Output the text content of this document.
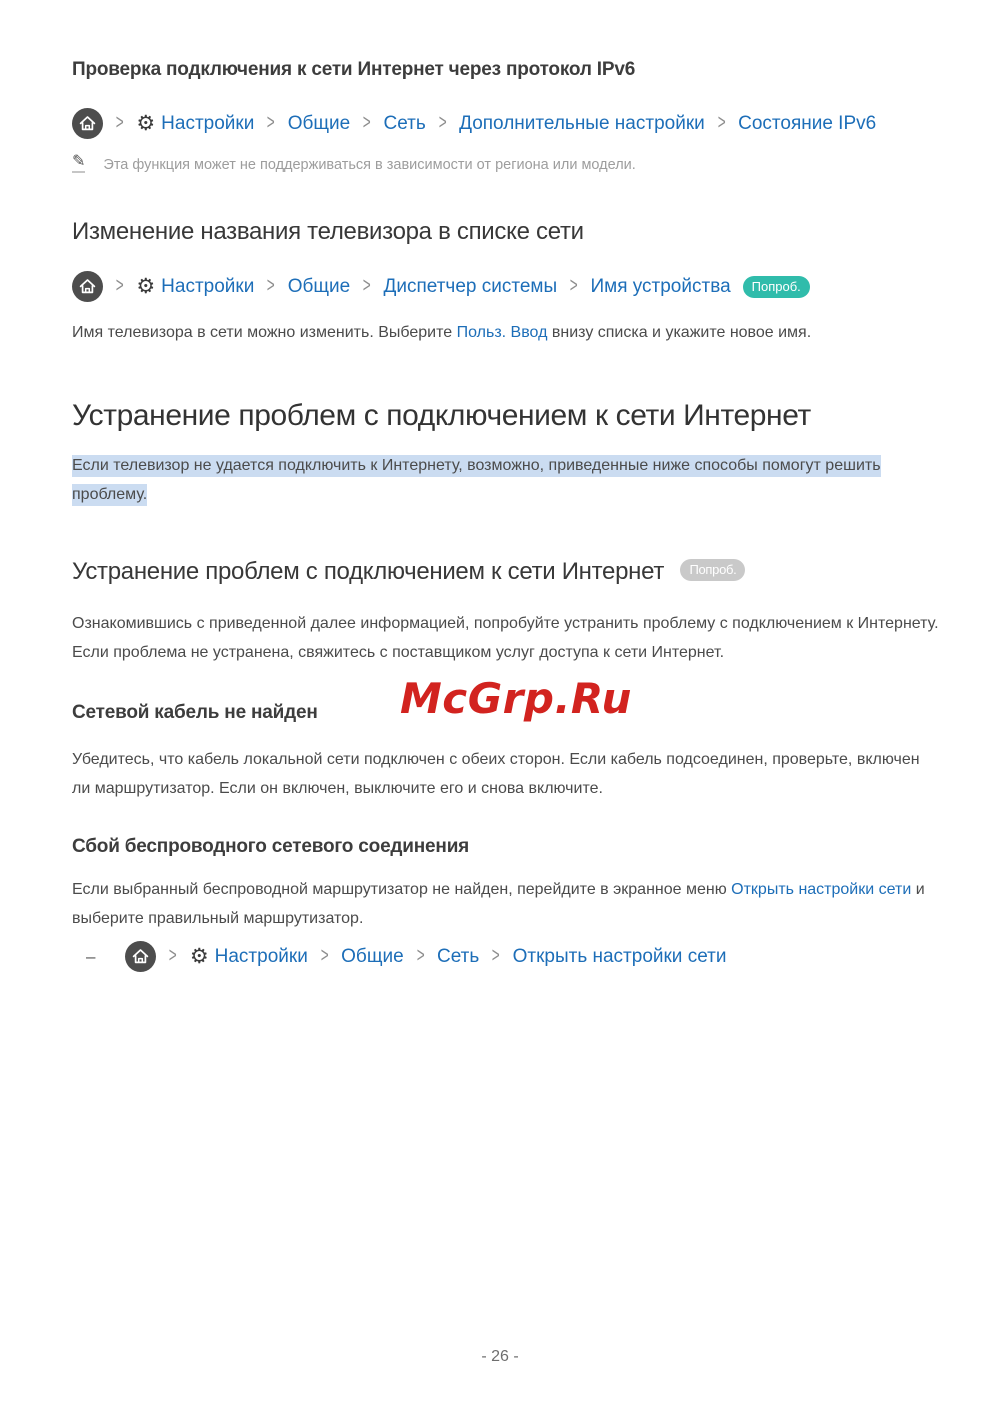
Проверка подключения к сети Интернет через протокол IPv6
> ⚙ Настройки > Общие > Сеть > Дополнительные настройки > Состояние IPv6
✎ Эта функция может не поддерживаться в зависимости от региона или модели.
Изменение названия телевизора в списке сети
> ⚙ Настройки > Общие > Диспетчер системы > Имя устройства	Попроб.

Имя телевизора в сети можно изменить. Выберите Польз. Ввод внизу списка и укажите новое имя.

Устранение проблем с подключением к сети Интернет

Если телевизор не удается подключить к Интернету, возможно, приведенные ниже способы помогут решить проблему.

Устранение проблем с подключением к сети Интернет Попроб.

Ознакомившись с приведенной далее информацией, попробуйте устранить проблему с подключением к Интернету. Если проблема не устранена, свяжитесь с поставщиком услуг доступа к сети Интернет.

Сетевой кабель не найден

Убедитесь, что кабель локальной сети подключен с обеих сторон. Если кабель подсоединен, проверьте, включен ли маршрутизатор. Если он включен, выключите его и снова включите.

Сбой беспроводного сетевого соединения

Если выбранный беспроводной маршрутизатор не найден, перейдите в экранное меню Открыть настройки сети и выберите правильный маршрутизатор.

–	> ⚙ Настройки > Общие > Сеть > Открыть настройки сети
McGrp.Ru
- 26 -
